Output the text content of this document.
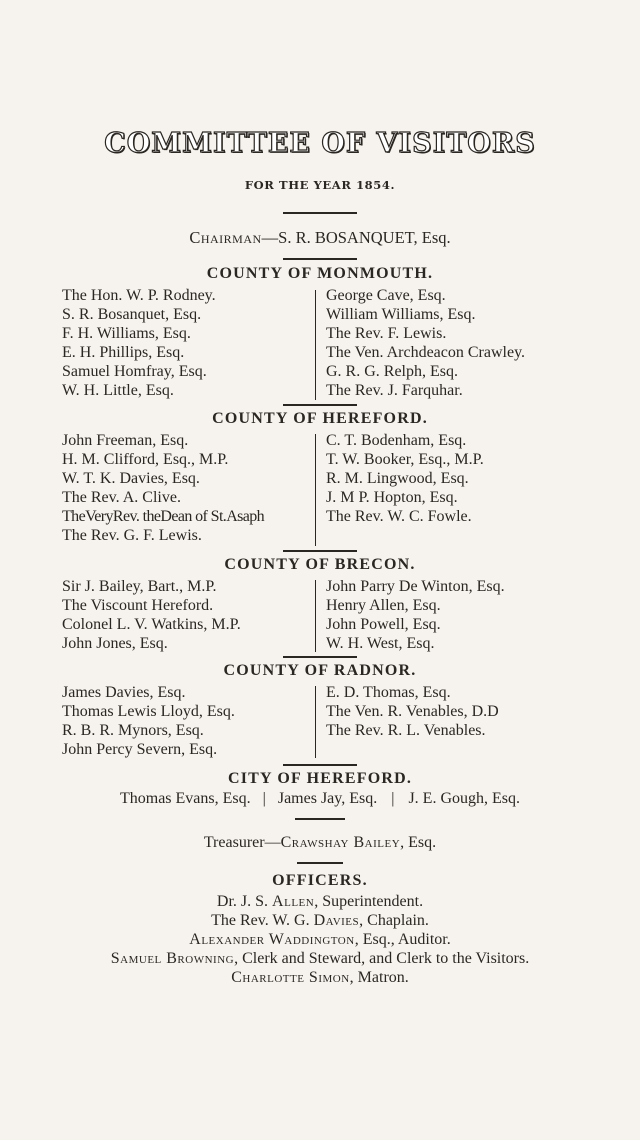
COMMITTEE OF VISITORS
FOR THE YEAR 1854.
Chairman—S. R. BOSANQUET, Esq.
COUNTY OF MONMOUTH.
The Hon. W. P. Rodney.
S. R. Bosanquet, Esq.
F. H. Williams, Esq.
E. H. Phillips, Esq.
Samuel Homfray, Esq.
W. H. Little, Esq.
George Cave, Esq.
William Williams, Esq.
The Rev. F. Lewis.
The Ven. Archdeacon Crawley.
G. R. G. Relph, Esq.
The Rev. J. Farquhar.
COUNTY OF HEREFORD.
John Freeman, Esq.
H. M. Clifford, Esq., M.P.
W. T. K. Davies, Esq.
The Rev. A. Clive.
TheVeryRev. theDean of St.Asaph
The Rev. G. F. Lewis.
C. T. Bodenham, Esq.
T. W. Booker, Esq., M.P.
R. M. Lingwood, Esq.
J. M P. Hopton, Esq.
The Rev. W. C. Fowle.
COUNTY OF BRECON.
Sir J. Bailey, Bart., M.P.
The Viscount Hereford.
Colonel L. V. Watkins, M.P.
John Jones, Esq.
John Parry De Winton, Esq.
Henry Allen, Esq.
John Powell, Esq.
W. H. West, Esq.
COUNTY OF RADNOR.
James Davies, Esq.
Thomas Lewis Lloyd, Esq.
R. B. R. Mynors, Esq.
John Percy Severn, Esq.
E. D. Thomas, Esq.
The Ven. R. Venables, D.D
The Rev. R. L. Venables.
CITY OF HEREFORD.
Thomas Evans, Esq. | James Jay, Esq. | J. E. Gough, Esq.
Treasurer—Crawshay Bailey, Esq.
OFFICERS.
Dr. J. S. Allen, Superintendent.
The Rev. W. G. Davies, Chaplain.
Alexander Waddington, Esq., Auditor.
Samuel Browning, Clerk and Steward, and Clerk to the Visitors.
Charlotte Simon, Matron.
